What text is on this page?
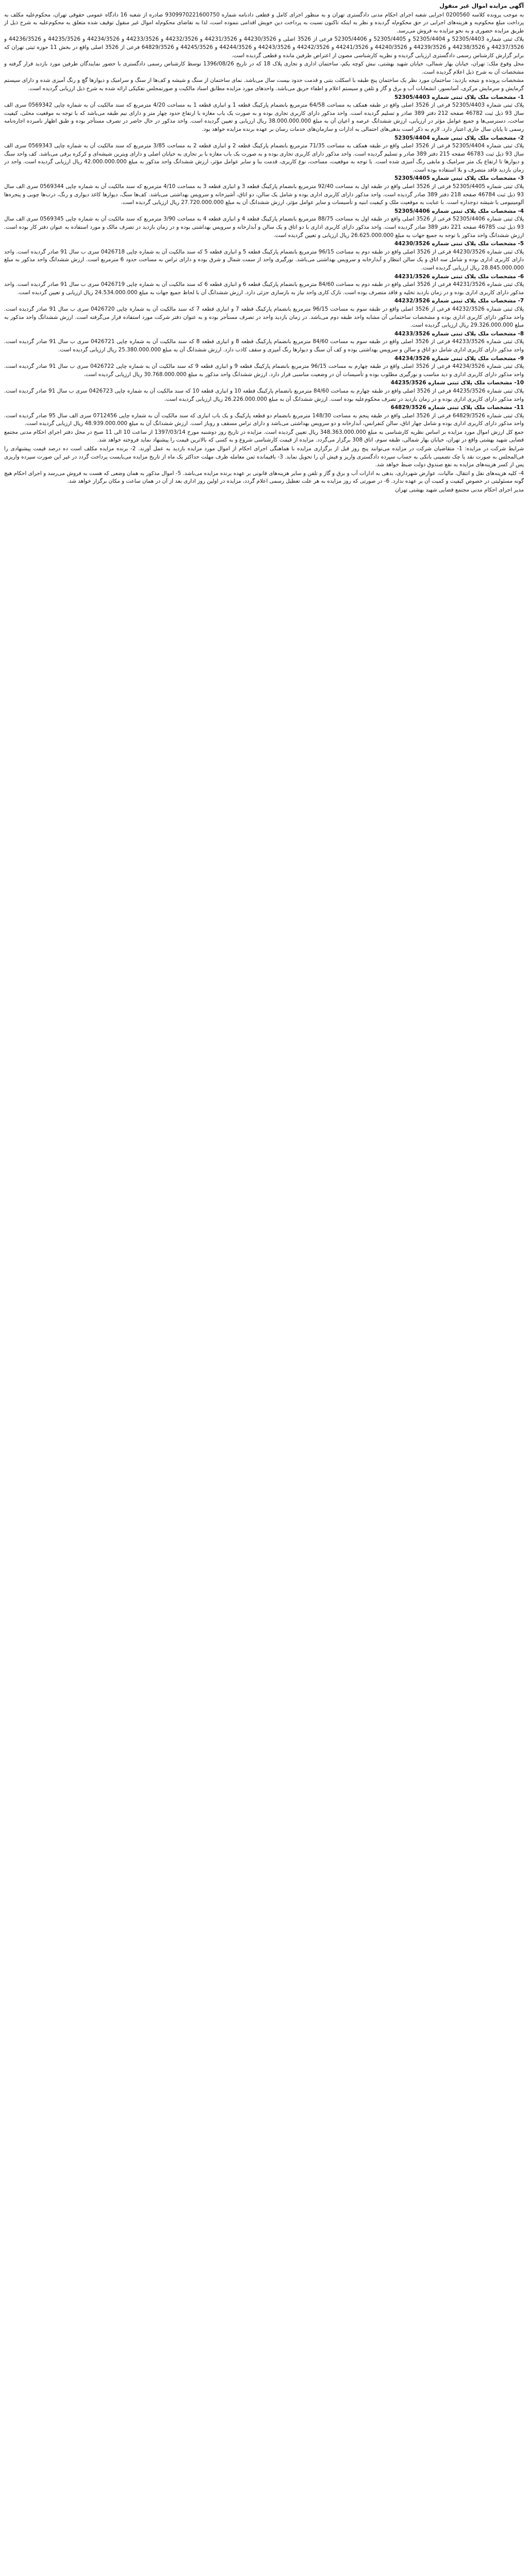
آگهی مزایده اموال غیر منقول

به موجب پرونده کلاسه 0200560 اجرایی شعبه اجرای احکام مدنی دادگستری تهران و به منظور اجرای کامل و قطعی دادنامه شماره 9309970221600750 صادره از شعبه 16 دادگاه عمومی حقوقی تهران، محکوم‌علیه مکلف به پرداخت مبلغ محکوم‌به و هزینه‌های اجرایی در حق محکوم‌له گردیده و نظر به اینکه تاکنون نسبت به پرداخت دین خویش اقدامی ننموده است، لذا به تقاضای محکوم‌له اموال غیر منقول توقیف شده متعلق به محکوم‌علیه به شرح ذیل از طریق مزایده حضوری و به نحو مزایده به فروش می‌رسد.

پلاک ثبتی شماره 52305/4403 و 52305/4404 و 52305/4405 و 52305/4406 فرعی از 3526 اصلی و 44230/3526 و 44231/3526 و 44232/3526 و 44233/3526 و 44234/3526 و 44235/3526 و 44236/3526 و 44237/3526 و 44238/3526 و 44239/3526 و 44240/3526 و 44241/3526 و 44242/3526 و 44243/3526 و 44244/3526 و 44245/3526 و 64829/3526 فرعی از 3526 اصلی واقع در بخش 11 حوزه ثبتی تهران که برابر گزارش کارشناس رسمی دادگستری ارزیابی گردیده و نظریه کارشناسی مصون از اعتراض طرفین مانده و قطعی گردیده است.

محل وقوع ملک: تهران، خیابان بهار شمالی، خیابان شهید بهشتی، نبش کوچه یکم، ساختمان اداری و تجاری پلاک 18 که در تاریخ 1396/08/26 توسط کارشناس رسمی دادگستری با حضور نمایندگان طرفین مورد بازدید قرار گرفته و مشخصات آن به شرح ذیل اعلام گردیده است.

مشخصات پرونده و نتیجه بازدید: ساختمان مورد نظر یک ساختمان پنج طبقه با اسکلت بتنی و قدمت حدود بیست سال می‌باشد. نمای ساختمان از سنگ و شیشه و کف‌ها از سنگ و سرامیک و دیوارها گچ و رنگ آمیزی شده و دارای سیستم گرمایش و سرمایش مرکزی، آسانسور، انشعابات آب و برق و گاز و تلفن و سیستم اعلام و اطفاء حریق می‌باشد. واحدهای مورد مزایده مطابق اسناد مالکیت و صورتمجلس تفکیکی ارائه شده به شرح ذیل ارزیابی گردیده است.

1- مشخصات ملک پلاک ثبتی شماره 52305/4403

پلاک ثبتی شماره 52305/4403 فرعی از 3526 اصلی واقع در طبقه همکف به مساحت 64/58 مترمربع بانضمام پارکینگ قطعه 1 و انباری قطعه 1 به مساحت 4/20 مترمربع که سند مالکیت آن به شماره چاپی 0569342 سری الف سال 93 ذیل ثبت 46782 صفحه 212 دفتر 389 صادر و تسلیم گردیده است. واحد مذکور دارای کاربری تجاری بوده و به صورت یک باب مغازه با ارتفاع حدود چهار متر و دارای نیم طبقه می‌باشد که با توجه به موقعیت محلی، کیفیت ساخت، دسترسی‌ها و جمیع عوامل مؤثر در ارزیابی، ارزش ششدانگ عرصه و اعیان آن به مبلغ 38.000.000.000 ریال ارزیابی و تعیین گردیده است. واحد مذکور در حال حاضر در تصرف مستأجر بوده و طبق اظهار نامبرده اجاره‌نامه رسمی تا پایان سال جاری اعتبار دارد. لازم به ذکر است بدهی‌های احتمالی به ادارات و سازمان‌های خدمات رسان بر عهده برنده مزایده خواهد بود.

2- مشخصات ملک پلاک ثبتی شماره 52305/4404

پلاک ثبتی شماره 52305/4404 فرعی از 3526 اصلی واقع در طبقه همکف به مساحت 71/35 مترمربع بانضمام پارکینگ قطعه 2 و انباری قطعه 2 به مساحت 3/85 مترمربع که سند مالکیت آن به شماره چاپی 0569343 سری الف سال 93 ذیل ثبت 46783 صفحه 215 دفتر 389 صادر و تسلیم گردیده است. واحد مذکور دارای کاربری تجاری بوده و به صورت یک باب مغازه با بر تجاری به خیابان اصلی و دارای ویترین شیشه‌ای و کرکره برقی می‌باشد. کف واحد سنگ و دیوارها تا ارتفاع یک متر سرامیک و مابقی رنگ آمیزی شده است. با توجه به موقعیت، مساحت، نوع کاربری، قدمت بنا و سایر عوامل مؤثر، ارزش ششدانگ واحد مذکور به مبلغ 42.000.000.000 ریال ارزیابی گردیده است. واحد در زمان بازدید فاقد متصرف و بلا استفاده بوده است.

3- مشخصات ملک پلاک ثبتی شماره 52305/4405

پلاک ثبتی شماره 52305/4405 فرعی از 3526 اصلی واقع در طبقه اول به مساحت 92/40 مترمربع بانضمام پارکینگ قطعه 3 و انباری قطعه 3 به مساحت 4/10 مترمربع که سند مالکیت آن به شماره چاپی 0569344 سری الف سال 93 ذیل ثبت 46784 صفحه 218 دفتر 389 صادر گردیده است. واحد مذکور دارای کاربری اداری بوده و شامل یک سالن، دو اتاق، آشپزخانه و سرویس بهداشتی می‌باشد. کف‌ها سنگ، دیوارها کاغذ دیواری و رنگ، درب‌ها چوبی و پنجره‌ها آلومینیومی با شیشه دوجداره است. با عنایت به موقعیت ملک و کیفیت ابنیه و تأسیسات و سایر عوامل مؤثر، ارزش ششدانگ آن به مبلغ 27.720.000.000 ریال ارزیابی گردیده است.

4- مشخصات ملک پلاک ثبتی شماره 52305/4406

پلاک ثبتی شماره 52305/4406 فرعی از 3526 اصلی واقع در طبقه اول به مساحت 88/75 مترمربع بانضمام پارکینگ قطعه 4 و انباری قطعه 4 به مساحت 3/90 مترمربع که سند مالکیت آن به شماره چاپی 0569345 سری الف سال 93 ذیل ثبت 46785 صفحه 221 دفتر 389 صادر گردیده است. واحد مذکور دارای کاربری اداری با دو اتاق و یک سالن و آبدارخانه و سرویس بهداشتی بوده و در زمان بازدید در تصرف مالک و مورد استفاده به عنوان دفتر کار بوده است. ارزش ششدانگ واحد مذکور با توجه به جمیع جهات به مبلغ 26.625.000.000 ریال ارزیابی و تعیین گردیده است.

5- مشخصات ملک پلاک ثبتی شماره 44230/3526

پلاک ثبتی شماره 44230/3526 فرعی از 3526 اصلی واقع در طبقه دوم به مساحت 96/15 مترمربع بانضمام پارکینگ قطعه 5 و انباری قطعه 5 که سند مالکیت آن به شماره چاپی 0426718 سری ب سال 91 صادر گردیده است. واحد دارای کاربری اداری بوده و شامل سه اتاق و یک سالن انتظار و آبدارخانه و سرویس بهداشتی می‌باشد. نورگیری واحد از سمت شمال و شرق بوده و دارای تراس به مساحت حدود 6 مترمربع است. ارزش ششدانگ واحد مذکور به مبلغ 28.845.000.000 ریال ارزیابی گردیده است.

6- مشخصات ملک پلاک ثبتی شماره 44231/3526

پلاک ثبتی شماره 44231/3526 فرعی از 3526 اصلی واقع در طبقه دوم به مساحت 84/60 مترمربع بانضمام پارکینگ قطعه 6 و انباری قطعه 6 که سند مالکیت آن به شماره چاپی 0426719 سری ب سال 91 صادر گردیده است. واحد مذکور دارای کاربری اداری بوده و در زمان بازدید تخلیه و فاقد متصرف بوده است. نازک کاری واحد نیاز به بازسازی جزئی دارد. ارزش ششدانگ آن با لحاظ جمیع جهات به مبلغ 24.534.000.000 ریال ارزیابی و تعیین گردیده است.

7- مشخصات ملک پلاک ثبتی شماره 44232/3526

پلاک ثبتی شماره 44232/3526 فرعی از 3526 اصلی واقع در طبقه سوم به مساحت 96/15 مترمربع بانضمام پارکینگ قطعه 7 و انباری قطعه 7 که سند مالکیت آن به شماره چاپی 0426720 سری ب سال 91 صادر گردیده است. واحد مذکور دارای کاربری اداری بوده و مشخصات ساختمانی آن مشابه واحد طبقه دوم می‌باشد. در زمان بازدید واحد در تصرف مستأجر بوده و به عنوان دفتر شرکت مورد استفاده قرار می‌گرفته است. ارزش ششدانگ واحد مذکور به مبلغ 29.326.000.000 ریال ارزیابی گردیده است.

8- مشخصات ملک پلاک ثبتی شماره 44233/3526

پلاک ثبتی شماره 44233/3526 فرعی از 3526 اصلی واقع در طبقه سوم به مساحت 84/60 مترمربع بانضمام پارکینگ قطعه 8 و انباری قطعه 8 که سند مالکیت آن به شماره چاپی 0426721 سری ب سال 91 صادر گردیده است. واحد مذکور دارای کاربری اداری شامل دو اتاق و سالن و سرویس بهداشتی بوده و کف آن سنگ و دیوارها رنگ آمیزی و سقف کاذب دارد. ارزش ششدانگ آن به مبلغ 25.380.000.000 ریال ارزیابی گردیده است.

9- مشخصات ملک پلاک ثبتی شماره 44234/3526

پلاک ثبتی شماره 44234/3526 فرعی از 3526 اصلی واقع در طبقه چهارم به مساحت 96/15 مترمربع بانضمام پارکینگ قطعه 9 و انباری قطعه 9 که سند مالکیت آن به شماره چاپی 0426722 سری ب سال 91 صادر گردیده است. واحد مذکور دارای کاربری اداری و دید مناسب و نورگیری مطلوب بوده و تأسیسات آن در وضعیت مناسبی قرار دارد. ارزش ششدانگ واحد مذکور به مبلغ 30.768.000.000 ریال ارزیابی گردیده است.

10- مشخصات ملک پلاک ثبتی شماره 44235/3526

پلاک ثبتی شماره 44235/3526 فرعی از 3526 اصلی واقع در طبقه چهارم به مساحت 84/60 مترمربع بانضمام پارکینگ قطعه 10 و انباری قطعه 10 که سند مالکیت آن به شماره چاپی 0426723 سری ب سال 91 صادر گردیده است. واحد مذکور دارای کاربری اداری بوده و در زمان بازدید در تصرف محکوم‌علیه بوده است. ارزش ششدانگ آن به مبلغ 26.226.000.000 ریال ارزیابی گردیده است.

11- مشخصات ملک پلاک ثبتی شماره 64829/3526

پلاک ثبتی شماره 64829/3526 فرعی از 3526 اصلی واقع در طبقه پنجم به مساحت 148/30 مترمربع بانضمام دو قطعه پارکینگ و یک باب انباری که سند مالکیت آن به شماره چاپی 0712456 سری الف سال 95 صادر گردیده است. واحد مذکور دارای کاربری اداری بوده و شامل چهار اتاق، سالن کنفرانس، آبدارخانه و دو سرویس بهداشتی می‌باشد و دارای تراس مسقف و روباز است. ارزش ششدانگ آن به مبلغ 48.939.000.000 ریال ارزیابی گردیده است.

جمع کل ارزش اموال مورد مزایده بر اساس نظریه کارشناسی به مبلغ 348.363.000.000 ریال تعیین گردیده است. مزایده در تاریخ روز دوشنبه مورخ 1397/03/14 از ساعت 10 الی 11 صبح در محل دفتر اجرای احکام مدنی مجتمع قضایی شهید بهشتی واقع در تهران، خیابان بهار شمالی، طبقه سوم، اتاق 308 برگزار می‌گردد. مزایده از قیمت کارشناسی شروع و به کسی که بالاترین قیمت را پیشنهاد نماید فروخته خواهد شد.

شرایط شرکت در مزایده: 1- متقاضیان شرکت در مزایده می‌توانند پنج روز قبل از برگزاری مزایده با هماهنگی اجرای احکام از اموال مورد مزایده بازدید به عمل آورند. 2- برنده مزایده مکلف است ده درصد قیمت پیشنهادی را فی‌المجلس به صورت نقد یا چک تضمینی بانکی به حساب سپرده دادگستری واریز و فیش آن را تحویل نماید. 3- باقیمانده ثمن معامله ظرف مهلت حداکثر یک ماه از تاریخ مزایده می‌بایست پرداخت گردد در غیر این صورت سپرده واریزی پس از کسر هزینه‌های مزایده به نفع صندوق دولت ضبط خواهد شد.

4- کلیه هزینه‌های نقل و انتقال، مالیات، عوارض شهرداری، بدهی به ادارات آب و برق و گاز و تلفن و سایر هزینه‌های قانونی بر عهده برنده مزایده می‌باشد. 5- اموال مذکور به همان وضعی که هست به فروش می‌رسد و اجرای احکام هیچ گونه مسئولیتی در خصوص کیفیت و کمیت آن بر عهده ندارد. 6- در صورتی که روز مزایده به هر علت تعطیل رسمی اعلام گردد، مزایده در اولین روز اداری بعد از آن در همان ساعت و مکان برگزار خواهد شد.

مدیر اجرای احکام مدنی مجتمع قضایی شهید بهشتی تهران
